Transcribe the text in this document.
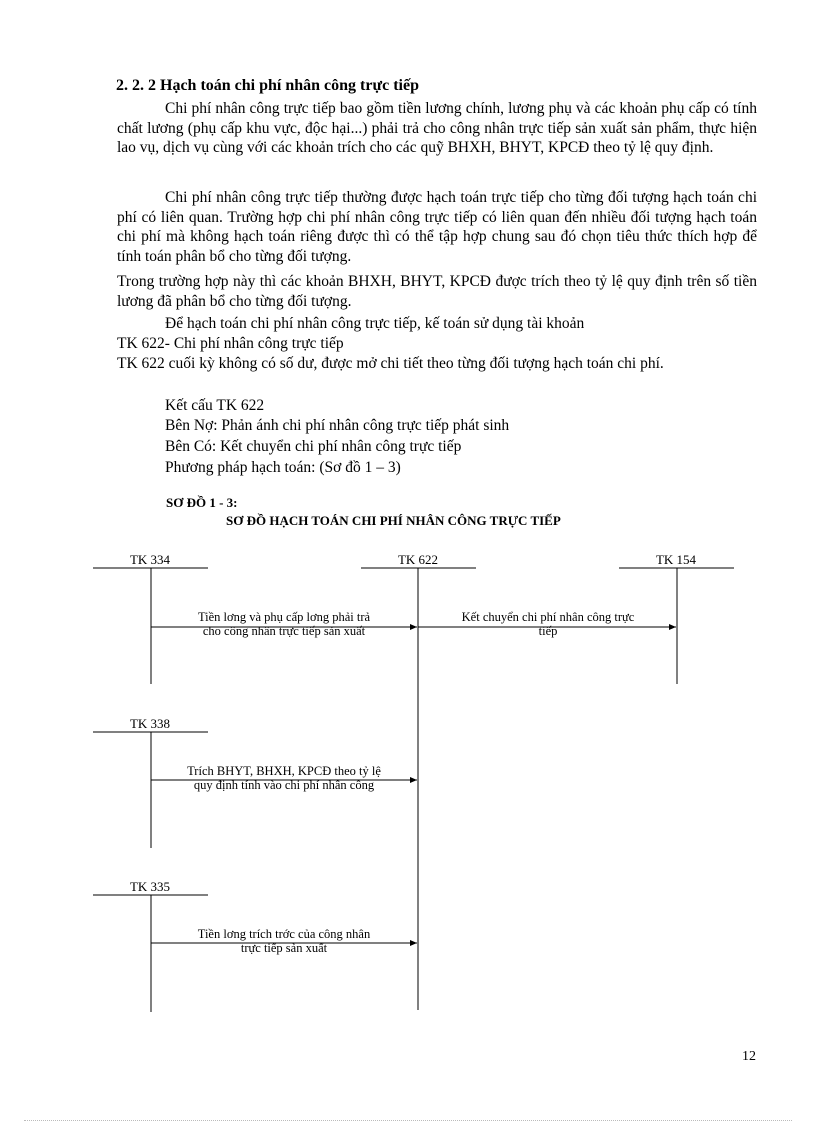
2. 2. 2 Hạch toán chi phí nhân công trực tiếp

Chi phí nhân công trực tiếp bao gồm tiền lương chính, lương phụ và các khoản phụ cấp có tính chất lương (phụ cấp khu vực, độc hại...) phải trả cho công nhân trực tiếp sản xuất sản phẩm, thực hiện lao vụ, dịch vụ cùng với các khoản trích cho các quỹ BHXH, BHYT, KPCĐ theo tỷ lệ quy định.

Chi phí nhân công trực tiếp thường được hạch toán trực tiếp cho từng đối tượng hạch toán chi phí có liên quan. Trường hợp chi phí nhân công trực tiếp có liên quan đến nhiều đối tượng hạch toán chi phí mà không hạch toán riêng được thì có thể tập hợp chung sau đó chọn tiêu thức thích hợp để tính toán phân bổ cho từng đối tượng.

Trong trường hợp này thì các khoản BHXH, BHYT, KPCĐ được trích theo tỷ lệ quy định trên số tiền lương đã phân bổ cho từng đối tượng.

Để hạch toán chi phí nhân công trực tiếp, kế toán sử dụng tài khoản

TK 622- Chi phí nhân công trực tiếp

TK 622 cuối kỳ không có số dư, được mở chi tiết theo từng đối tượng hạch toán chi phí.

Kết cấu TK 622
Bên Nợ: Phản ánh chi phí nhân công trực tiếp phát sinh
Bên Có: Kết chuyển chi phí nhân công trực tiếp
Phương pháp hạch toán: (Sơ đồ 1 – 3)
SƠ ĐỒ 1 - 3:
SƠ ĐỒ HẠCH TOÁN CHI PHÍ NHÂN CÔNG TRỰC TIẾP
TK 334	TK 622	TK 154
TK 338
TK 335
Tiền lơng và phụ cấp lơng phải trả
cho công nhân trực tiếp sản xuất
Kết chuyển chi phí nhân công trực
tiếp
Trích BHYT, BHXH, KPCĐ theo tỷ lệ
quy định tính vào chi phí nhân công
Tiền lơng trích trớc của công nhân
trực tiếp sản xuất
12
